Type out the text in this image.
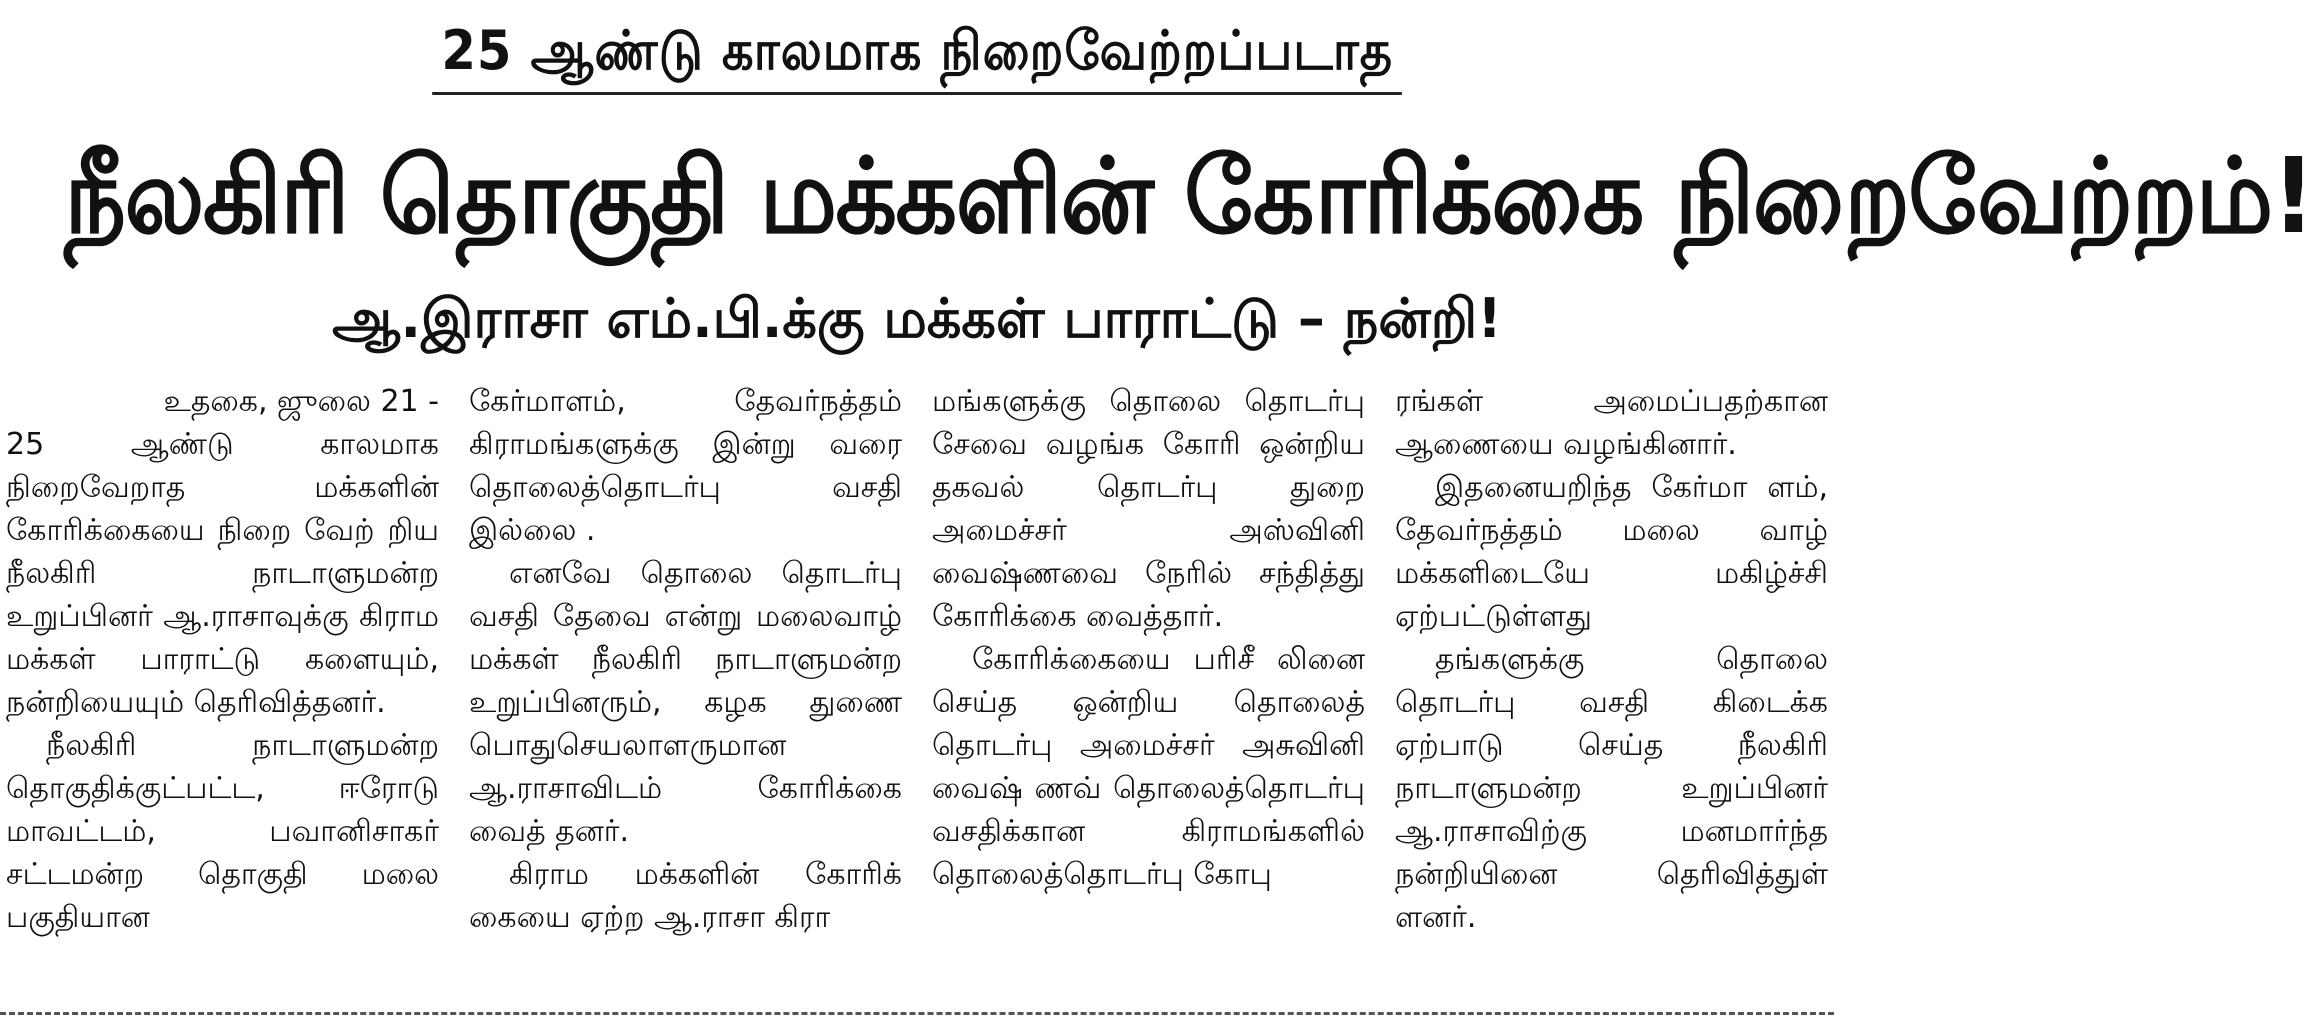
25 ஆண்டு காலமாக நிறைவேற்றப்படாத
நீலகிரி தொகுதி மக்களின் கோரிக்கை நிறைவேற்றம்!
ஆ.இராசா எம்.பி.க்கு மக்கள் பாராட்டு – நன்றி!

உதகை, ஜுலை 21 -

25 ஆண்டு காலமாக நிறைவேறாத மக்களின் கோரிக்கையை நிறை வேற் றிய நீலகிரி நாடாளுமன்ற உறுப்பினர் ஆ.ராசாவுக்கு கிராம மக்கள் பாராட்டு களையும், நன்றியையும் தெரிவித்தனர்.

நீலகிரி நாடாளுமன்ற தொகுதிக்குட்பட்ட, ஈரோடு மாவட்டம், பவானிசாகர் சட்டமன்ற தொகுதி மலை பகுதியான

கேர்மாளம், தேவர்நத்தம் கிராமங்களுக்கு இன்று வரை தொலைத்தொடர்பு வசதி இல்லை .

எனவே தொலை தொடர்பு வசதி தேவை என்று மலைவாழ் மக்கள் நீலகிரி நாடாளுமன்ற உறுப்பினரும், கழக துணை பொதுசெயலாளருமான ஆ.ராசாவிடம் கோரிக்கை வைத் தனர்.

கிராம மக்களின் கோரிக் கையை ஏற்ற ஆ.ராசா கிரா

மங்களுக்கு தொலை தொடர்பு சேவை வழங்க கோரி ஒன்றிய தகவல் தொடர்பு துறை அமைச்சர் அஸ்வினி வைஷ்ணவை நேரில் சந்தித்து கோரிக்கை வைத்தார்.

கோரிக்கையை பரிசீ லினை செய்த ஒன்றிய தொலைத் தொடர்பு அமைச்சர் அசுவினி வைஷ் ணவ் தொலைத்தொடர்பு வசதிக்கான கிராமங்களில் தொலைத்தொடர்பு கோபு

ரங்கள் அமைப்பதற்கான ஆணையை வழங்கினார்.

இதனையறிந்த கேர்மா ளம், தேவர்நத்தம் மலை வாழ் மக்களிடையே மகிழ்ச்சி ஏற்பட்டுள்ளது

தங்களுக்கு தொலை தொடர்பு வசதி கிடைக்க ஏற்பாடு செய்த நீலகிரி நாடாளுமன்ற உறுப்பினர் ஆ.ராசாவிற்கு மனமார்ந்த நன்றியினை தெரிவித்துள் ளனர்.
